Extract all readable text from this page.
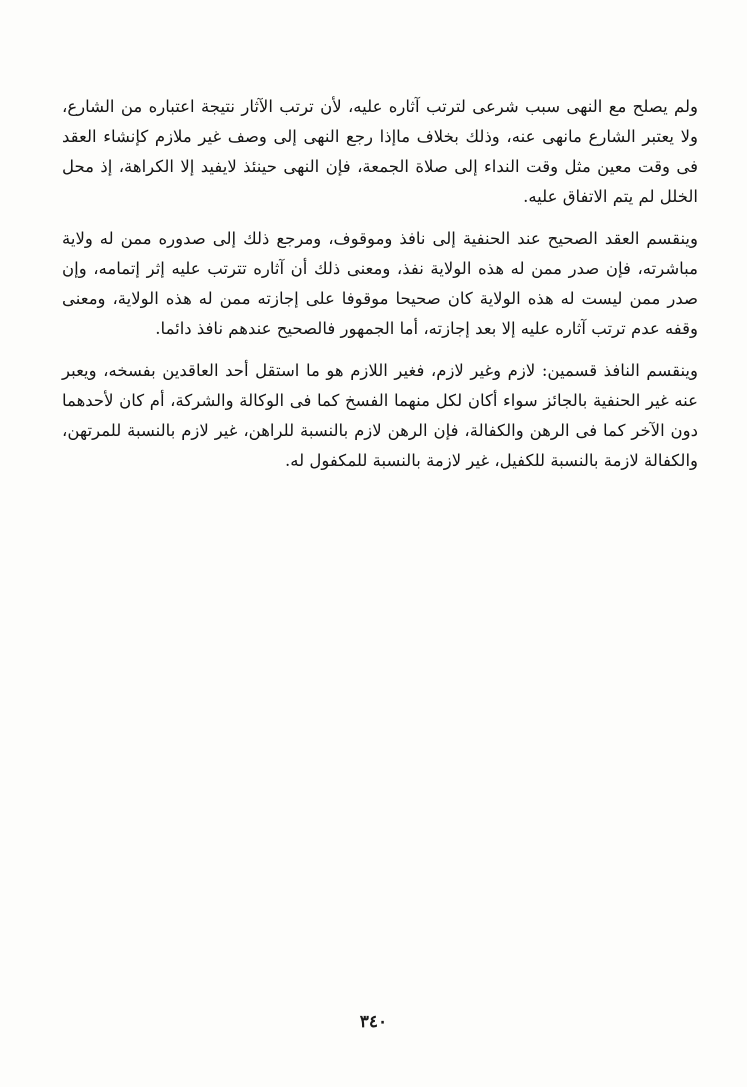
ولم يصلح مع النهى سبب شرعى لترتب آثاره عليه، لأن ترتب الآثار نتيجة اعتباره من الشارع، ولا يعتبر الشارع مانهى عنه، وذلك بخلاف ماإذا رجع النهى إلى وصف غير ملازم كإنشاء العقد فى وقت معين مثل وقت النداء إلى صلاة الجمعة، فإن النهى حينئذ لايفيد إلا الكراهة، إذ محل الخلل لم يتم الاتفاق عليه.

وينقسم العقد الصحيح عند الحنفية إلى نافذ وموقوف، ومرجع ذلك إلى صدوره ممن له ولاية مباشرته، فإن صدر ممن له هذه الولاية نفذ، ومعنى ذلك أن آثاره تترتب عليه إثر إتمامه، وإن صدر ممن ليست له هذه الولاية كان صحيحا موقوفا على إجازته ممن له هذه الولاية، ومعنى وقفه عدم ترتب آثاره عليه إلا بعد إجازته، أما الجمهور فالصحيح عندهم نافذ دائما.

وينقسم النافذ قسمين: لازم وغير لازم، فغير اللازم هو ما استقل أحد العاقدين بفسخه، ويعبر عنه غير الحنفية بالجائز سواء أكان لكل منهما الفسخ كما فى الوكالة والشركة، أم كان لأحدهما دون الآخر كما فى الرهن والكفالة، فإن الرهن لازم بالنسبة للراهن، غير لازم بالنسبة للمرتهن، والكفالة لازمة بالنسبة للكفيل، غير لازمة بالنسبة للمكفول له.

٣٤٠
